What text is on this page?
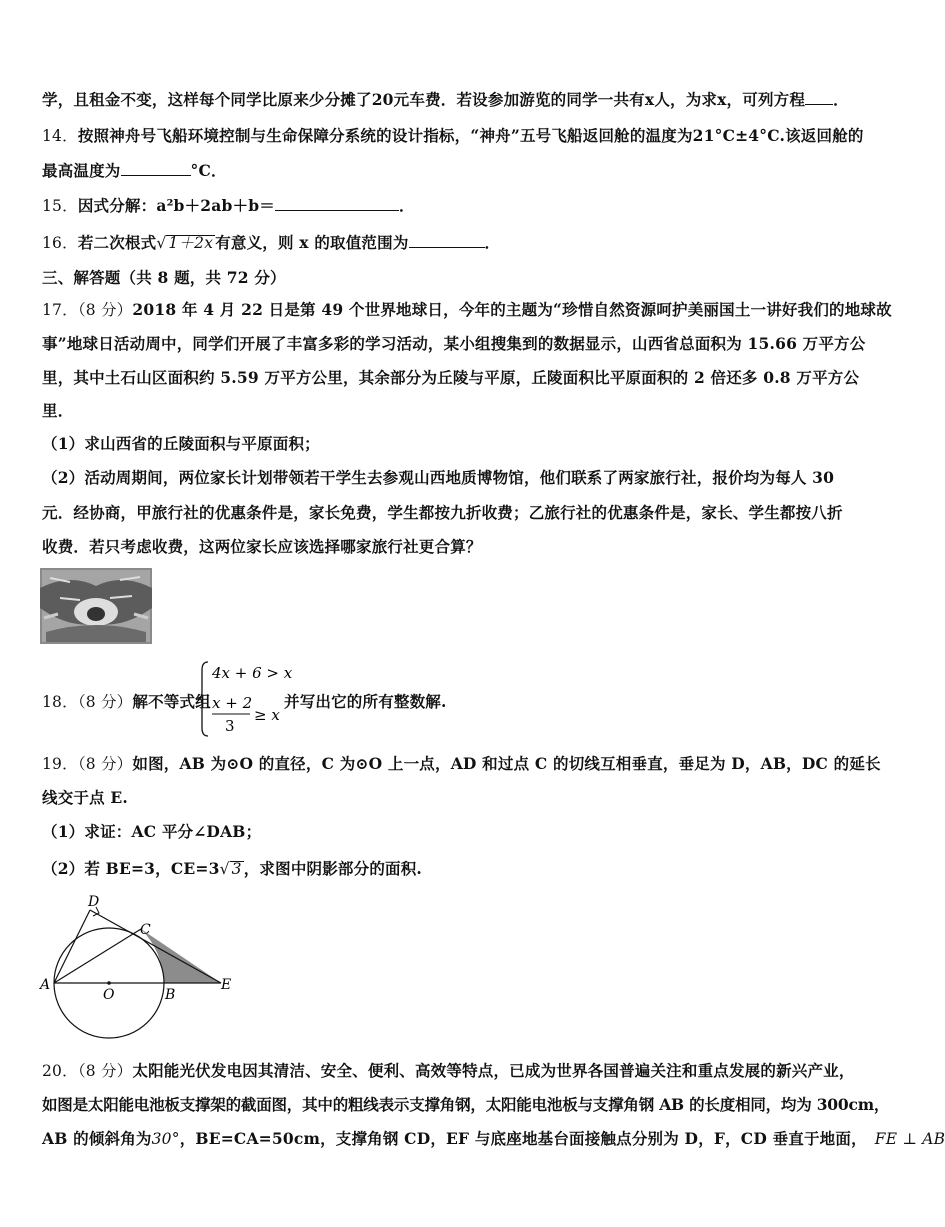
学，且租金不变，这样每个同学比原来少分摊了20元车费．若设参加游览的同学一共有x人，为求x，可列方程 ．
14．按照神舟号飞船环境控制与生命保障分系统的设计指标，“神舟”五号飞船返回舱的温度为21°C±4°C.该返回舱的
最高温度为	°C．
15．因式分解：a²b＋2ab＋b＝	．
16．若二次根式√ 1＋2x 有意义，则 x 的取值范围为	．
三、解答题（共 8 题，共 72 分）
17．（8 分）2018 年 4 月 22 日是第 49 个世界地球日，今年的主题为“珍惜自然资源呵护美丽国土一讲好我们的地球故
事”地球日活动周中，同学们开展了丰富多彩的学习活动，某小组搜集到的数据显示，山西省总面积为 15.66 万平方公
里，其中土石山区面积约 5.59 万平方公里，其余部分为丘陵与平原，丘陵面积比平原面积的 2 倍还多 0.8 万平方公
里．
（1）求山西省的丘陵面积与平原面积；
（2）活动周期间，两位家长计划带领若干学生去参观山西地质博物馆，他们联系了两家旅行社，报价均为每人 30
元．经协商，甲旅行社的优惠条件是，家长免费，学生都按九折收费；乙旅行社的优惠条件是，家长、学生都按八折
收费．若只考虑收费，这两位家长应该选择哪家旅行社更合算？
18．（8 分）解不等式组
4x + 6 > x
x + 2
3
≥ x
并写出它的所有整数解.
19．（8 分）如图，AB 为⊙O 的直径，C 为⊙O 上一点，AD 和过点 C 的切线互相垂直，垂足为 D，AB，DC 的延长
线交于点 E.
（1）求证：AC 平分∠DAB；
（2）若 BE=3，CE=3√ 3 ，求图中阴影部分的面积.
D
C
A
O	B
E
20．（8 分）太阳能光伏发电因其清洁、安全、便利、高效等特点，已成为世界各国普遍关注和重点发展的新兴产业，
如图是太阳能电池板支撑架的截面图，其中的粗线表示支撑角钢，太阳能电池板与支撑角钢 AB 的长度相同，均为 300cm，
AB 的倾斜角为30°，BE=CA=50cm，支撑角钢 CD，EF 与底座地基台面接触点分别为 D，F，CD 垂直于地面， FE ⊥ AB
